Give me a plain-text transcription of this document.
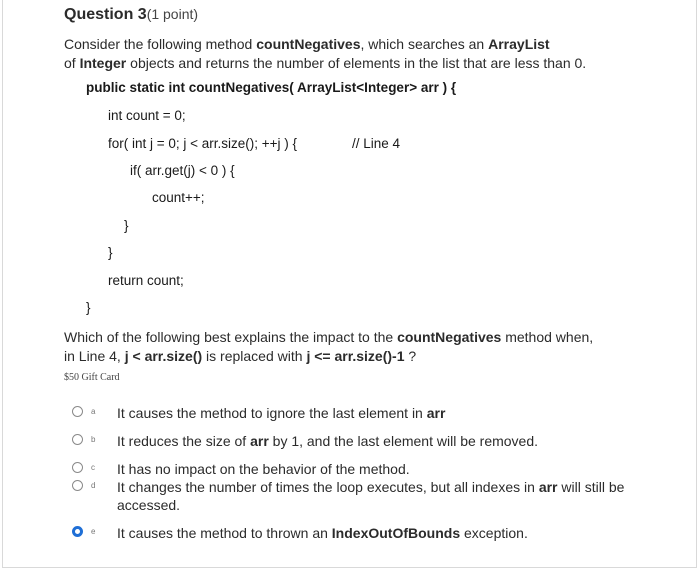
Question 3(1 point)
Consider the following method countNegatives, which searches an ArrayList
of Integer objects and returns the number of elements in the list that are less than 0.
public static int countNegatives( ArrayList<Integer> arr ) {
int count = 0;
for( int j = 0; j < arr.size(); ++j ) {	// Line 4
if( arr.get(j) < 0 ) {
count++;
}
}
return count;
}
Which of the following best explains the impact to the countNegatives method when,
in Line 4, j < arr.size() is replaced with j <= arr.size()-1 ?
$50 Gift Card
a It causes the method to ignore the last element in arr
b It reduces the size of arr by 1, and the last element will be removed.
c It has no impact on the behavior of the method.
d It changes the number of times the loop executes, but all indexes in arr will still be accessed.
e It causes the method to thrown an IndexOutOfBounds exception.
